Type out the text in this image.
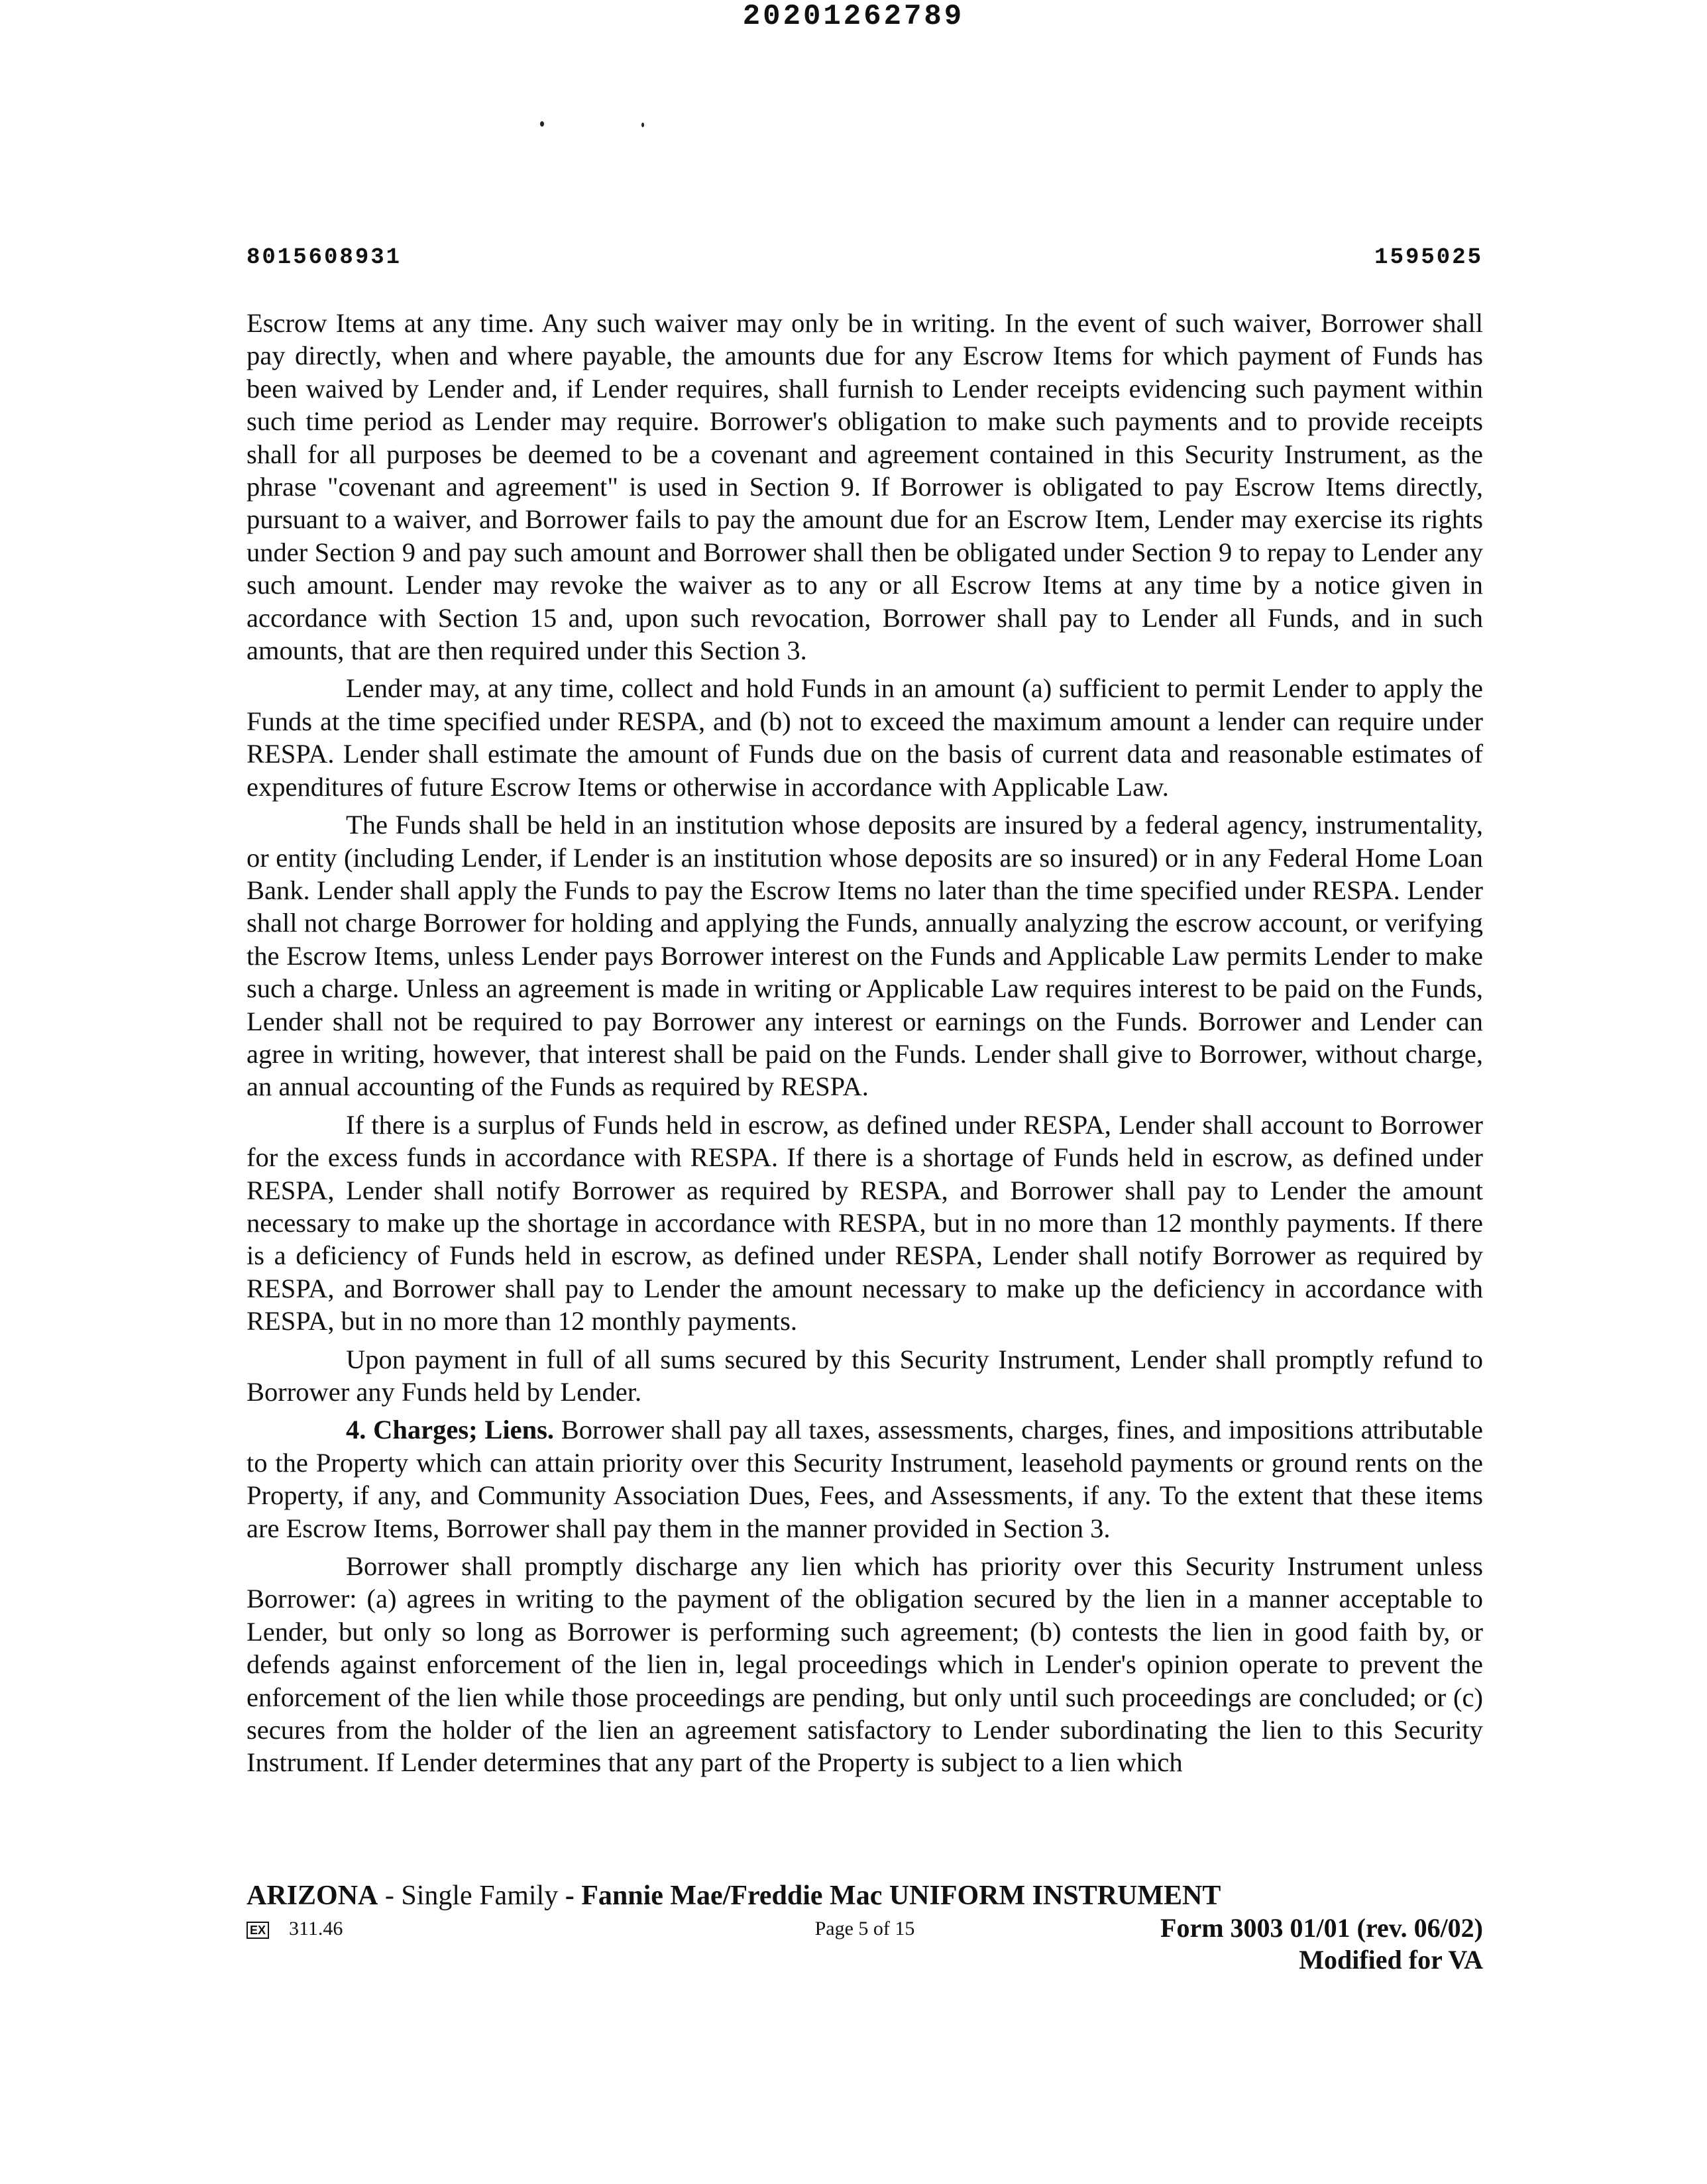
20201262789
8015608931	1595025

Escrow Items at any time. Any such waiver may only be in writing. In the event of such waiver, Borrower shall pay directly, when and where payable, the amounts due for any Escrow Items for which payment of Funds has been waived by Lender and, if Lender requires, shall furnish to Lender receipts evidencing such payment within such time period as Lender may require. Borrower's obligation to make such payments and to provide receipts shall for all purposes be deemed to be a covenant and agreement contained in this Security Instrument, as the phrase "covenant and agreement" is used in Section 9. If Borrower is obligated to pay Escrow Items directly, pursuant to a waiver, and Borrower fails to pay the amount due for an Escrow Item, Lender may exercise its rights under Section 9 and pay such amount and Borrower shall then be obligated under Section 9 to repay to Lender any such amount. Lender may revoke the waiver as to any or all Escrow Items at any time by a notice given in accordance with Section 15 and, upon such revocation, Borrower shall pay to Lender all Funds, and in such amounts, that are then required under this Section 3.

Lender may, at any time, collect and hold Funds in an amount (a) sufficient to permit Lender to apply the Funds at the time specified under RESPA, and (b) not to exceed the maximum amount a lender can require under RESPA. Lender shall estimate the amount of Funds due on the basis of current data and reasonable estimates of expenditures of future Escrow Items or otherwise in accordance with Applicable Law.

The Funds shall be held in an institution whose deposits are insured by a federal agency, instrumentality, or entity (including Lender, if Lender is an institution whose deposits are so insured) or in any Federal Home Loan Bank. Lender shall apply the Funds to pay the Escrow Items no later than the time specified under RESPA. Lender shall not charge Borrower for holding and applying the Funds, annually analyzing the escrow account, or verifying the Escrow Items, unless Lender pays Borrower interest on the Funds and Applicable Law permits Lender to make such a charge. Unless an agreement is made in writing or Applicable Law requires interest to be paid on the Funds, Lender shall not be required to pay Borrower any interest or earnings on the Funds. Borrower and Lender can agree in writing, however, that interest shall be paid on the Funds. Lender shall give to Borrower, without charge, an annual accounting of the Funds as required by RESPA.

If there is a surplus of Funds held in escrow, as defined under RESPA, Lender shall account to Borrower for the excess funds in accordance with RESPA. If there is a shortage of Funds held in escrow, as defined under RESPA, Lender shall notify Borrower as required by RESPA, and Borrower shall pay to Lender the amount necessary to make up the shortage in accordance with RESPA, but in no more than 12 monthly payments. If there is a deficiency of Funds held in escrow, as defined under RESPA, Lender shall notify Borrower as required by RESPA, and Borrower shall pay to Lender the amount necessary to make up the deficiency in accordance with RESPA, but in no more than 12 monthly payments.

Upon payment in full of all sums secured by this Security Instrument, Lender shall promptly refund to Borrower any Funds held by Lender.

4. Charges; Liens. Borrower shall pay all taxes, assessments, charges, fines, and impositions attributable to the Property which can attain priority over this Security Instrument, leasehold payments or ground rents on the Property, if any, and Community Association Dues, Fees, and Assessments, if any. To the extent that these items are Escrow Items, Borrower shall pay them in the manner provided in Section 3.

Borrower shall promptly discharge any lien which has priority over this Security Instrument unless Borrower: (a) agrees in writing to the payment of the obligation secured by the lien in a manner acceptable to Lender, but only so long as Borrower is performing such agreement; (b) contests the lien in good faith by, or defends against enforcement of the lien in, legal proceedings which in Lender's opinion operate to prevent the enforcement of the lien while those proceedings are pending, but only until such proceedings are concluded; or (c) secures from the holder of the lien an agreement satisfactory to Lender subordinating the lien to this Security Instrument. If Lender determines that any part of the Property is subject to a lien which

ARIZONA - Single Family - Fannie Mae/Freddie Mac UNIFORM INSTRUMENT
EX 311.46	Page 5 of 15	Form 3003 01/01 (rev. 06/02)
Modified for VA
